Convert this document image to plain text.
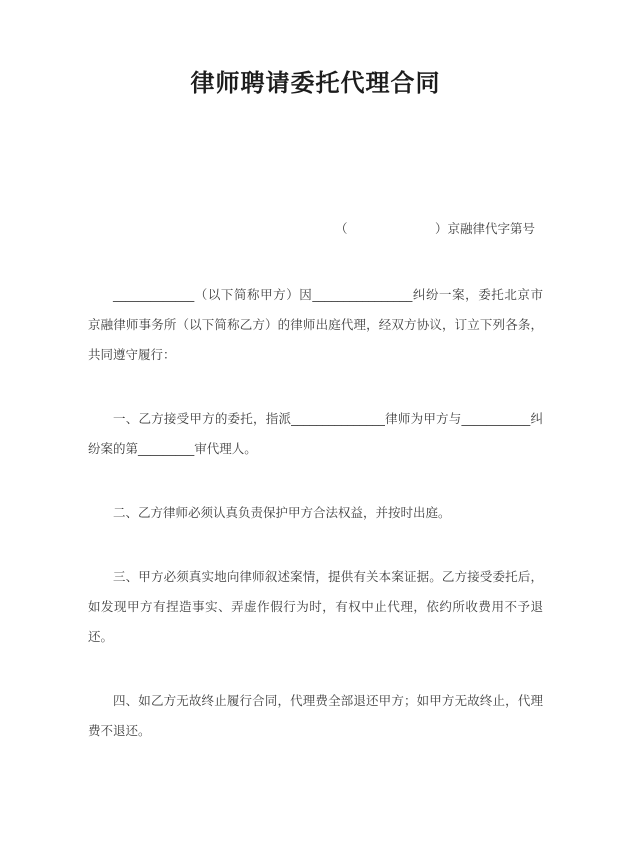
律师聘请委托代理合同
（　　　　　　　）京融律代字第号

_____________（以下简称甲方）因________________纠纷一案，委托北京市京融律师事务所（以下简称乙方）的律师出庭代理，经双方协议，订立下列各条，共同遵守履行：

一、乙方接受甲方的委托，指派_______________律师为甲方与___________纠纷案的第_________审代理人。

二、乙方律师必须认真负责保护甲方合法权益，并按时出庭。

三、甲方必须真实地向律师叙述案情，提供有关本案证据。乙方接受委托后，如发现甲方有捏造事实、弄虚作假行为时，有权中止代理，依约所收费用不予退还。

四、如乙方无故终止履行合同，代理费全部退还甲方；如甲方无故终止，代理费不退还。
